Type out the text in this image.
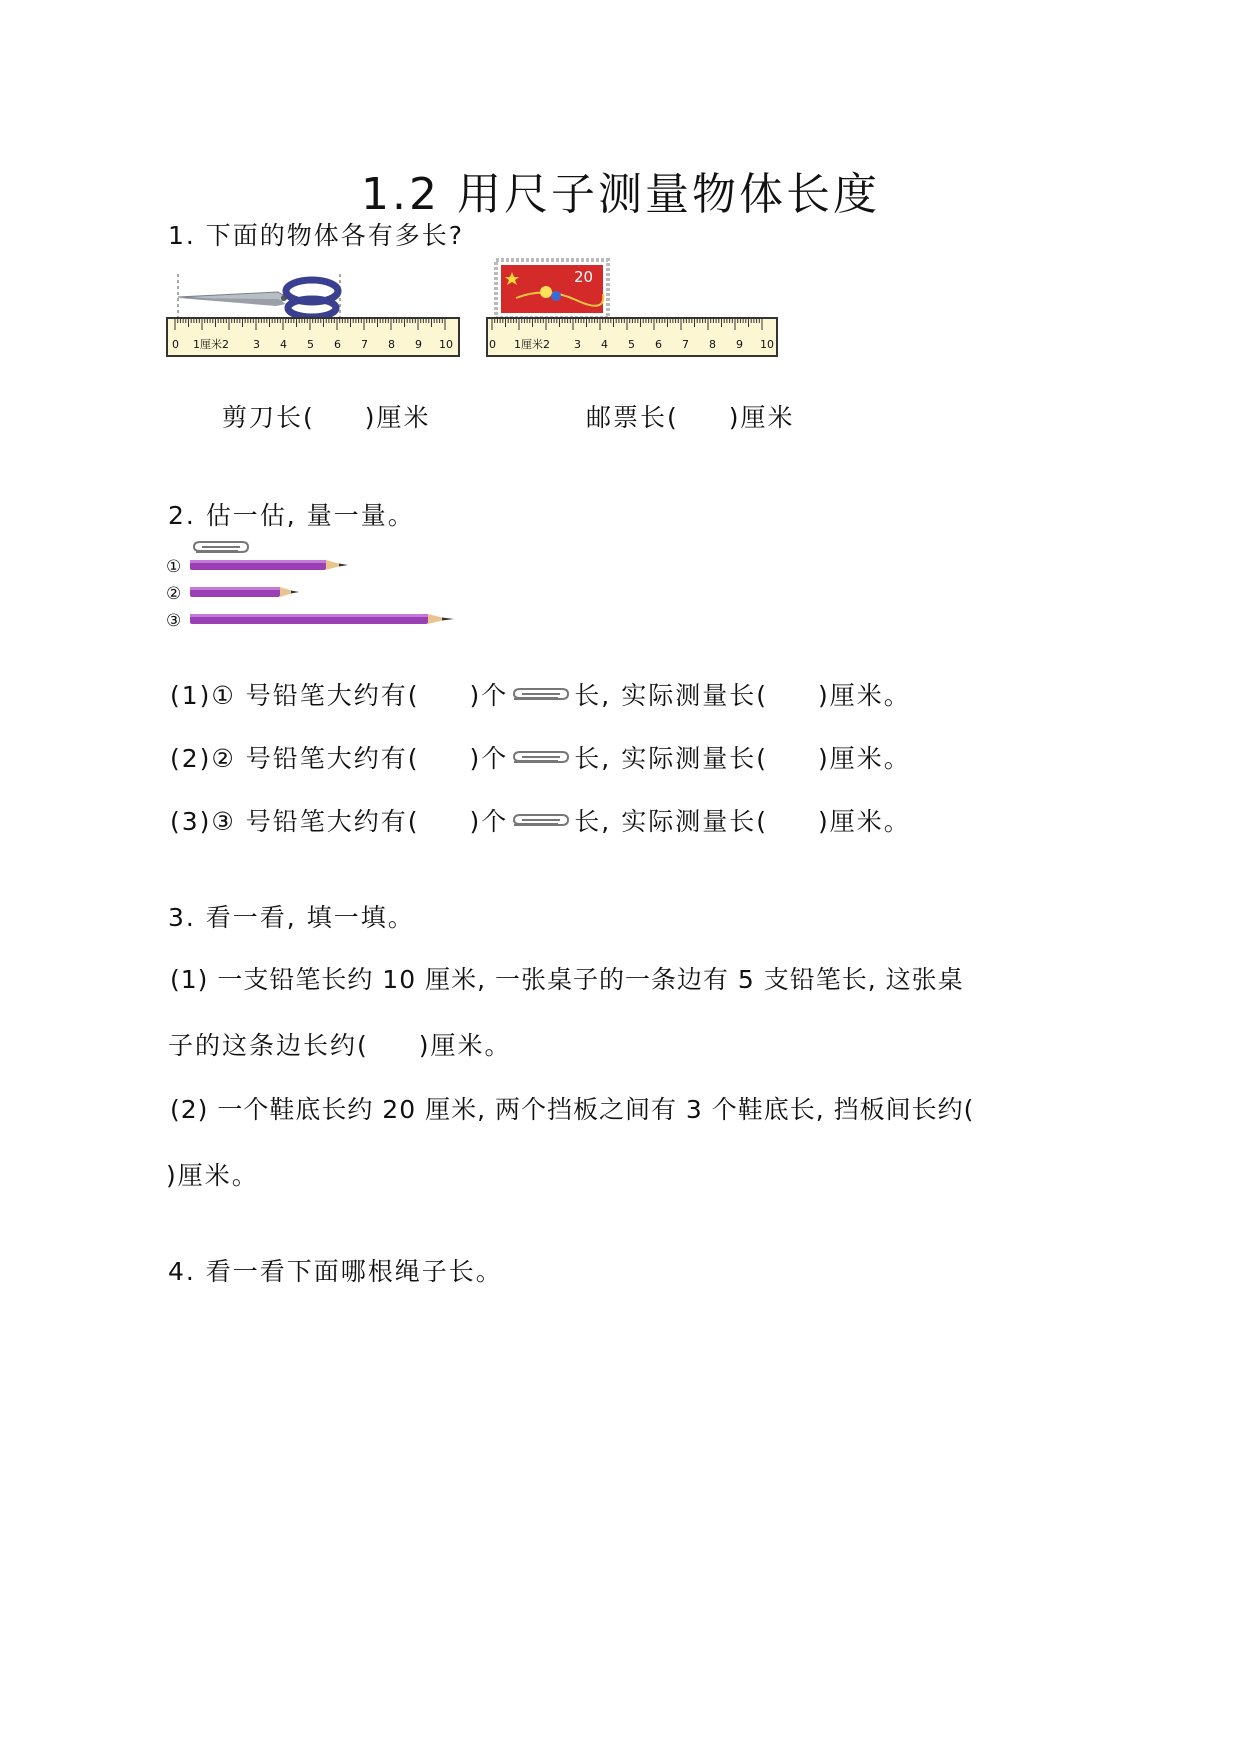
1.2 用尺子测量物体长度
1. 下面的物体各有多长?
0 1厘米2 3 4 5 6 7 8 9 10
20
0 1厘米2 3 4 5 6 7 8 9 10
剪刀长( )厘米	邮票长( )厘米
2. 估一估, 量一量。
①
②
③
(1)① 号铅笔大约有( )个	长, 实际测量长( )厘米。
(2)② 号铅笔大约有( )个	长, 实际测量长( )厘米。
(3)③ 号铅笔大约有( )个	长, 实际测量长( )厘米。
3. 看一看, 填一填。
(1) 一支铅笔长约 10 厘米, 一张桌子的一条边有 5 支铅笔长, 这张桌
子的这条边长约( )厘米。
(2) 一个鞋底长约 20 厘米, 两个挡板之间有 3 个鞋底长, 挡板间长约(
)厘米。
4. 看一看下面哪根绳子长。
